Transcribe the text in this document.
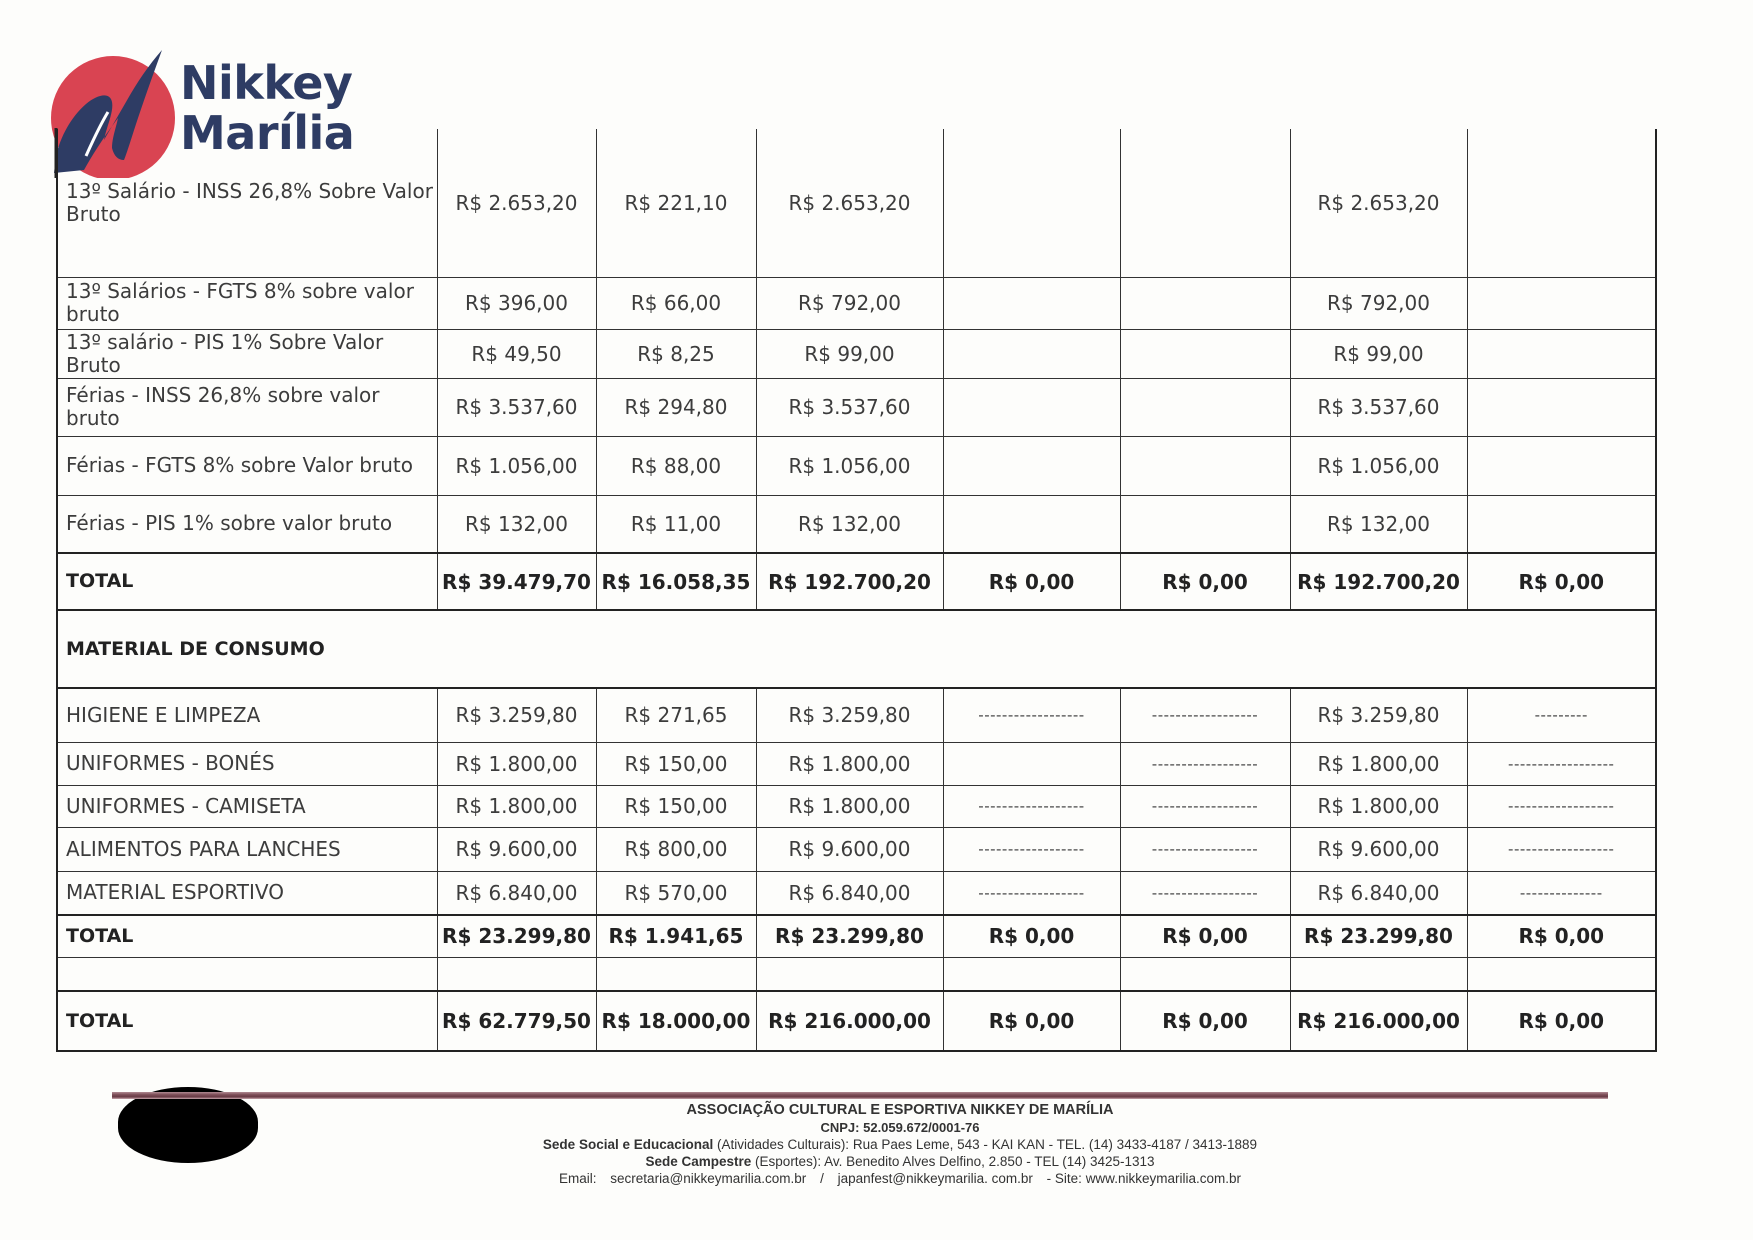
Nikkey
Marília
13º Salário - INSS 26,8% Sobre Valor Bruto	R$ 2.653,20	R$ 221,10	R$ 2.653,20			R$ 2.653,20	
13º Salários - FGTS 8% sobre valor bruto	R$ 396,00	R$ 66,00	R$ 792,00			R$ 792,00	
13º salário - PIS 1% Sobre Valor Bruto	R$ 49,50	R$ 8,25	R$ 99,00			R$ 99,00	
Férias - INSS 26,8% sobre valor bruto	R$ 3.537,60	R$ 294,80	R$ 3.537,60			R$ 3.537,60	
Férias - FGTS 8% sobre Valor bruto	R$ 1.056,00	R$ 88,00	R$ 1.056,00			R$ 1.056,00	
Férias - PIS 1% sobre valor bruto	R$ 132,00	R$ 11,00	R$ 132,00			R$ 132,00	
TOTAL	R$ 39.479,70	R$ 16.058,35	R$ 192.700,20	R$ 0,00	R$ 0,00	R$ 192.700,20	R$ 0,00
MATERIAL DE CONSUMO							
HIGIENE E LIMPEZA	R$ 3.259,80	R$ 271,65	R$ 3.259,80	------------------	------------------	R$ 3.259,80	---------
UNIFORMES - BONÉS	R$ 1.800,00	R$ 150,00	R$ 1.800,00		------------------	R$ 1.800,00	------------------
UNIFORMES - CAMISETA	R$ 1.800,00	R$ 150,00	R$ 1.800,00	------------------	------------------	R$ 1.800,00	------------------
ALIMENTOS PARA LANCHES	R$ 9.600,00	R$ 800,00	R$ 9.600,00	------------------	------------------	R$ 9.600,00	------------------
MATERIAL ESPORTIVO	R$ 6.840,00	R$ 570,00	R$ 6.840,00	------------------	------------------	R$ 6.840,00	--------------
TOTAL	R$ 23.299,80	R$ 1.941,65	R$ 23.299,80	R$ 0,00	R$ 0,00	R$ 23.299,80	R$ 0,00

TOTAL	R$ 62.779,50	R$ 18.000,00	R$ 216.000,00	R$ 0,00	R$ 0,00	R$ 216.000,00	R$ 0,00
ASSOCIAÇÃO CULTURAL E ESPORTIVA NIKKEY DE MARÍLIA
CNPJ: 52.059.672/0001-76
Sede Social e Educacional (Atividades Culturais): Rua Paes Leme, 543 - KAI KAN - TEL. (14) 3433-4187 / 3413-1889
Sede Campestre (Esportes): Av. Benedito Alves Delfino, 2.850 - TEL (14) 3425-1313
Email: secretaria@nikkeymarilia.com.br / japanfest@nikkeymarilia. com.br - Site: www.nikkeymarilia.com.br
